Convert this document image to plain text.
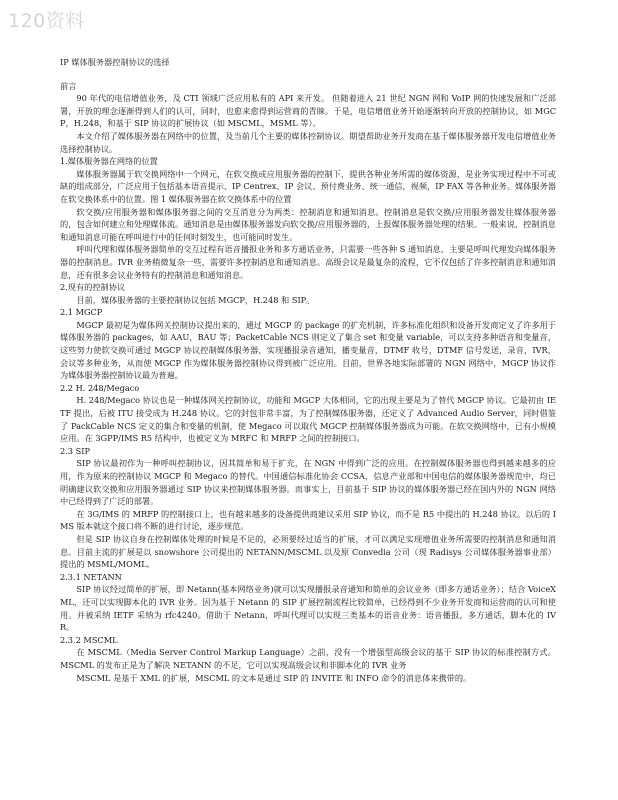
120资料

IP 媒体服务器控制协议的选择

前言

90 年代的电信增值业务，及 CTI 领域广泛应用私有的 API 来开发。 但随着进入 21 世纪 NGN 网和 VoIP 网的快速发展和广泛部署，开放的理念逐渐得到人们的认可，同时，也愈来愈得到运营商的青睐。于是，电信增值业务开始逐渐转向开放的控制协议，如 MGCP，H.248，和基于 SIP 协议的扩展协议（如 MSCML，MSML 等）。

本文介绍了媒体服务器在网络中的位置，及当前几个主要的媒体控制协议。期望帮助业务开发商在基于媒体服务器开发电信增值业务选择控制协议。

1.媒体服务器在网络的位置

媒体服务器属于软交换网络中一个网元，在软交换或应用服务器的控制下，提供各种业务所需的媒体资源，是业务实现过程中不可或缺的组成部分，广泛应用于包括基本语音提示、IP Centrex、IP 会议、预付费业务、统一通信，视频，IP FAX 等各种业务。媒体服务器在软交换体系中的位置。图 1 媒体服务器在软交换体系中的位置

软交换/应用服务器和媒体服务器之间的交互消息分为两类：控制消息和通知消息。控制消息是软交换/应用服务器发往媒体服务器的，包含如何建立和处理媒体流。通知消息是由媒体服务器发向软交换/应用服务器的，上报媒体服务器处理的结果。一般来说，控制消息和通知消息可能在呼叫进行中的任何时刻发生，也可能同时发生。

呼叫代理和媒体服务器简单的交互过程有语音播报业务和多方通话业务，只需要一些各种 S 通知消息，主要是呼叫代理发向媒体服务器的控制消息。IVR 业务稍微复杂一些，需要许多控制消息和通知消息。高级会议是最复杂的流程，它不仅包括了许多控制消息和通知消息，还有很多会议业务特有的控制消息和通知消息。

2.现有的控制协议

目前，媒体服务器的主要控制协议包括 MGCP，H.248 和 SIP。

2.1 MGCP

MGCP 最初是为媒体网关控制协议提出来的，通过 MGCP 的 package 的扩充机制，许多标准化组织和设备开发商定义了许多用于媒体服务器的 packages，如 AAU，BAU 等；PacketCable NCS 则定义了集合 set 和变量 variable，可以支持多种语音和变量音，这些努力使软交换可通过 MGCP 协议控制媒体服务器，实现播报录音通知，播变量音，DTMF 收号，DTMF 信号发送，录音，IVR，会议等多种业务，从而使 MGCP 作为媒体服务器控制协议得到被广泛应用。目前，世界各地实际部署的 NGN 网络中，MGCP 协议作为媒体服务器控制协议最为普遍。

2.2 H. 248/Megaco

H. 248/Megaco 协议也是一种媒体网关控制协议，功能和 MGCP 大体相同，它的出现主要是为了替代 MGCP 协议。它最初由 IETF 提出，后被 ITU 接受成为 H.248 协议。它的封包非常丰富，为了控制媒体服务器，还定义了 Advanced Audio Server，同时借鉴了 PackCable NCS 定义的集合和变量的机制，使 Megaco 可以取代 MGCP 控制媒体服务器成为可能。在软交换网络中，已有小规模应用。在 3GPP/IMS R5 结构中，也被定义为 MRFC 和 MRFP 之间的控制接口。

2.3 SIP

SIP 协议最初作为一种呼叫控制协议，因其简单和易于扩充，在 NGN 中得到广泛的应用。在控制媒体服务器也得到越来越多的应用，作为原来的控制协议 MGCP 和 Megaco 的替代。中国通信标准化协会 CCSA，信息产业部和中国电信的媒体服务器规范中，均已明确建议软交换和应用服务器通过 SIP 协议来控制媒体服务器。而事实上，目前基于 SIP 协议的媒体服务器已经在国内外的 NGN 网络中已经得到了广泛的部署。

在 3G/IMS 的 MRFP 的控制接口上，也有越来越多的设备提供商建议采用 SIP 协议，而不是 R5 中提出的 H.248 协议。以后的 IMS 版本就这个接口将不断的进行讨论，逐步规范。

但是 SIP 协议自身在控制媒体处理的时候是不足的，必须要经过适当的扩展，才可以满足实现增值业务所需要的控制消息和通知消息。目前主流的扩展是以 snowshore 公司提出的 NETANN/MSCML 以及原 Convedia 公司（现 Radisys 公司媒体服务器事业部）提出的 MSML/MOML。

2.3.1 NETANN

SIP 协议经过简单的扩展，即 Netann(基本网络业务)就可以实现播报录音通知和简单的会议业务（即多方通话业务）；结合 VoiceXML，还可以实现脚本化的 IVR 业务。因为基于 Netann 的 SIP 扩展控制流程比较简单，已经得到不少业务开发商和运营商的认可和使用。并被采纳 IETF 采纳为 rfc4240。借助于 Netann，呼叫代理可以实现三类基本的语音业务：语音播报，多方通话，脚本化的 IVR。

2.3.2 MSCML

在 MSCML（Media Server Control Markup Language）之前，没有一个增强型高级会议的基于 SIP 协议的标准控制方式。 MSCML 的发布正是为了解决 NETANN 的不足，它可以实现高级会议和非脚本化的 IVR 业务

MSCML 是基于 XML 的扩展，MSCML 的文本是通过 SIP 的 INVITE 和 INFO 命令的消息体来携带的。
